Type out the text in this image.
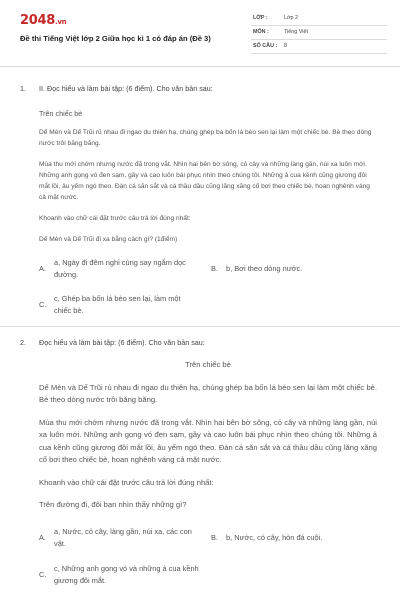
2048.vn
Đề thi Tiếng Việt lớp 2 Giữa học kì 1 có đáp án (Đề 3)
LỚP :	Lớp 2
MÔN :	Tiếng Việt
SỐ CÂU : 8
1. II. Đọc hiểu và làm bài tập: (6 điểm). Cho văn bản sau:

Trên chiếc bè

Dế Mèn và Dế Trũi rủ nhau đi ngao du thiên hạ, chúng ghép ba bốn lá bèo sen lại làm một chiếc bè. Bè theo dòng nước trôi băng băng.

Mùa thu mới chớm nhưng nước đã trong vắt. Nhìn hai bên bờ sông, cỏ cây và những làng gần, núi xa luôn mới. Những anh gọng vó đen sạm, gầy và cao luôn bái phục nhìn theo chúng tôi. Những ả cua kềnh cũng giương đôi mắt lồi, âu yếm ngó theo. Đàn cá săn sắt và cá thầu dầu cũng lăng xăng cố bơi theo chiếc bè, hoan nghênh váng cả mặt nước.

Khoanh vào chữ cái đặt trước câu trả lời đúng nhất:

Dế Mèn và Dế Trũi đi xa bằng cách gì? (1điểm)

A.
a, Ngày đi đêm nghỉ cùng say ngắm dọc đường.
B. b, Bơi theo dòng nước.
C.
c, Ghép ba bốn lá bèo sen lại, làm một chiếc bè.
2. Đọc hiểu và làm bài tập: (6 điểm). Cho văn bản sau:

Trên chiếc bè

Dế Mèn và Dế Trũi rủ nhau đi ngao du thiên hạ, chúng ghép ba bốn lá bèo sen lại làm một chiếc bè. Bè theo dòng nước trôi băng băng.

Mùa thu mới chớm nhưng nước đã trong vắt. Nhìn hai bên bờ sông, cỏ cây và những làng gần, núi xa luôn mới. Những anh gọng vó đen sạm, gầy và cao luôn bái phục nhìn theo chúng tôi. Những ả cua kềnh cũng giương đôi mắt lồi, âu yếm ngó theo. Đàn cá săn sắt và cá thầu dầu cũng lăng xăng cố bơi theo chiếc bè, hoan nghênh váng cả mặt nước.

Khoanh vào chữ cái đặt trước câu trả lời đúng nhất:

Trên đường đi, đôi bạn nhìn thấy những gì?

A.
a, Nước, cỏ cây, làng gần, núi xa, các con vật.
B. b, Nước, cỏ cây, hòn đá cuội.
C.
c, Những anh gọng vó và những ả cua kềnh giương đôi mắt.
